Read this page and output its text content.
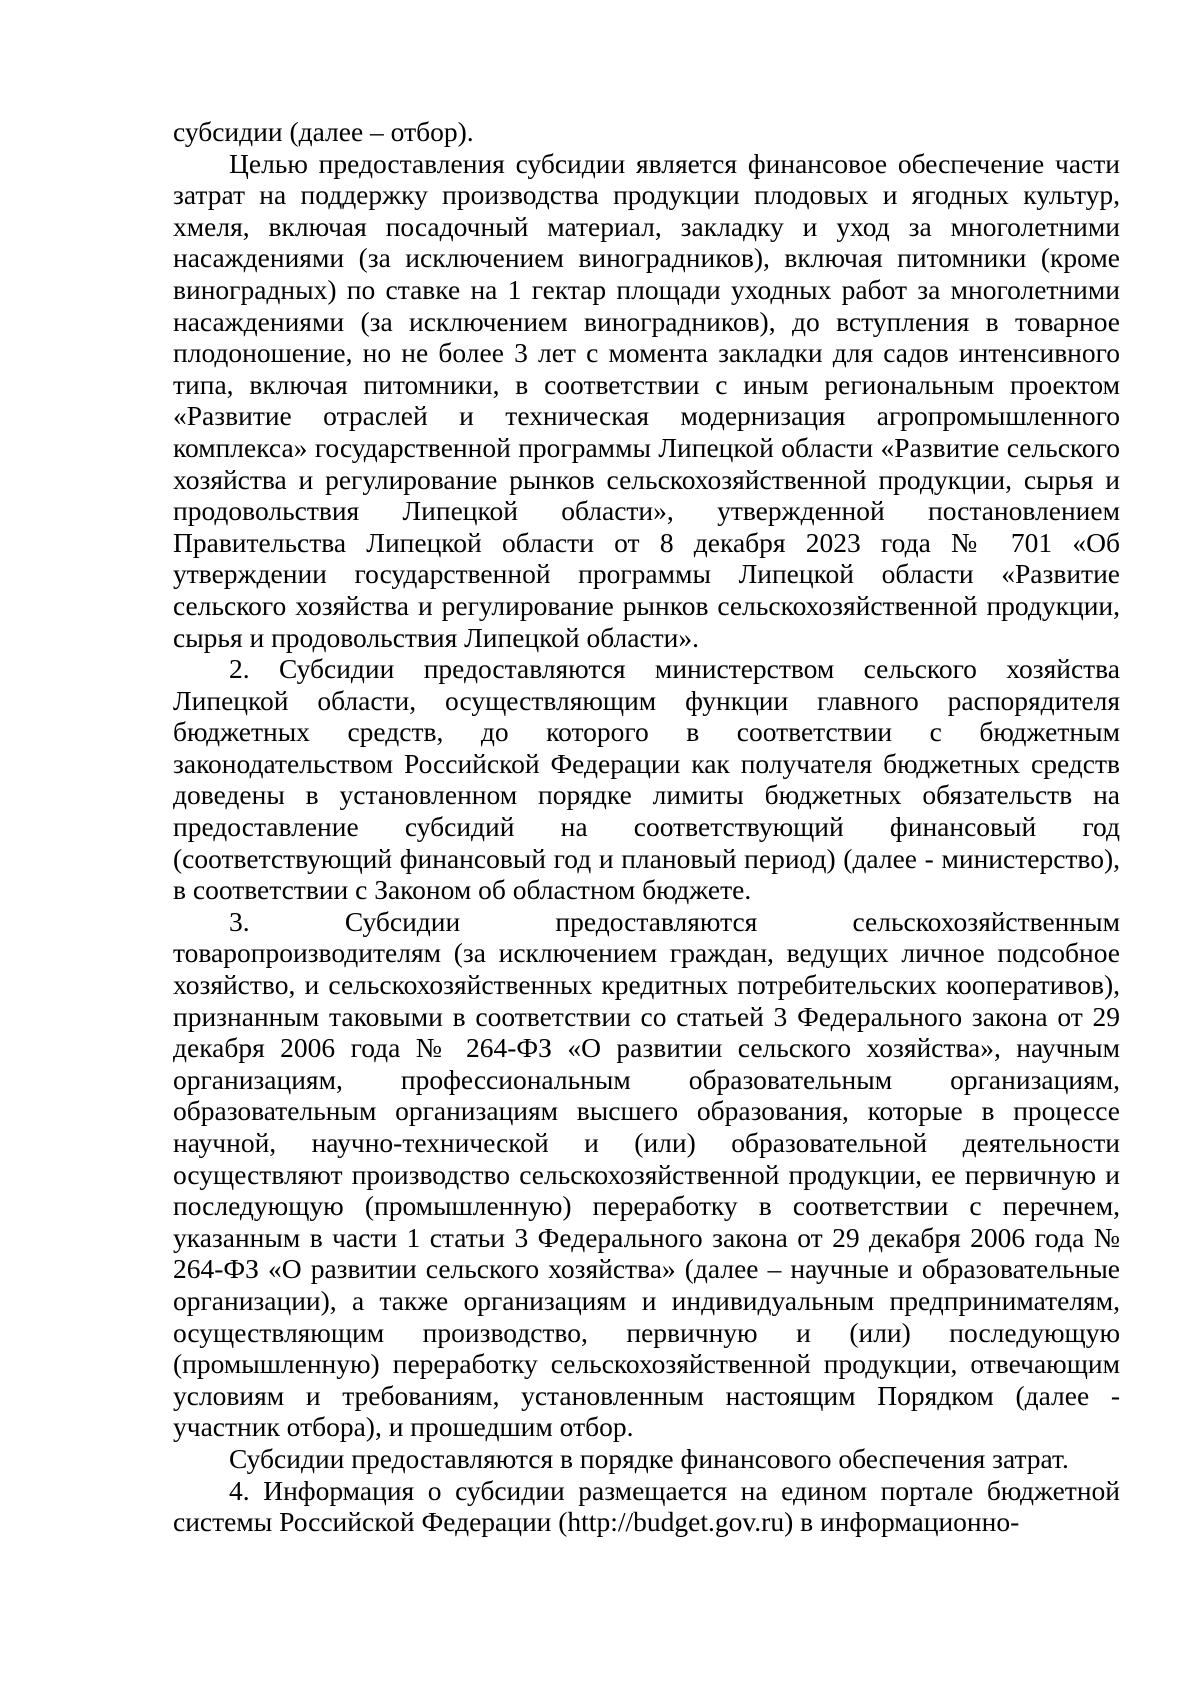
субсидии (далее – отбор).

Целью предоставления субсидии является финансовое обеспечение части затрат на поддержку производства продукции плодовых и ягодных культур, хмеля, включая посадочный материал, закладку и уход за многолетними насаждениями (за исключением виноградников), включая питомники (кроме виноградных) по ставке на 1 гектар площади уходных работ за многолетними насаждениями (за исключением виноградников), до вступления в товарное плодоношение, но не более 3 лет с момента закладки для садов интенсивного типа, включая питомники, в соответствии с иным региональным проектом «Развитие отраслей и техническая модернизация агропромышленного комплекса» государственной программы Липецкой области «Развитие сельского хозяйства и регулирование рынков сельскохозяйственной продукции, сырья и продовольствия Липецкой области», утвержденной постановлением Правительства Липецкой области от 8 декабря 2023 года № 701 «Об утверждении государственной программы Липецкой области «Развитие сельского хозяйства и регулирование рынков сельскохозяйственной продукции, сырья и продовольствия Липецкой области».

2. Субсидии предоставляются министерством сельского хозяйства Липецкой области, осуществляющим функции главного распорядителя бюджетных средств, до которого в соответствии с бюджетным законодательством Российской Федерации как получателя бюджетных средств доведены в установленном порядке лимиты бюджетных обязательств на предоставление субсидий на соответствующий финансовый год (соответствующий финансовый год и плановый период) (далее - министерство), в соответствии с Законом об областном бюджете.

3. Субсидии предоставляются сельскохозяйственным товаропроизводителям (за исключением граждан, ведущих личное подсобное хозяйство, и сельскохозяйственных кредитных потребительских кооперативов), признанным таковыми в соответствии со статьей 3 Федерального закона от 29 декабря 2006 года № 264-ФЗ «О развитии сельского хозяйства», научным организациям, профессиональным образовательным организациям, образовательным организациям высшего образования, которые в процессе научной, научно-технической и (или) образовательной деятельности осуществляют производство сельскохозяйственной продукции, ее первичную и последующую (промышленную) переработку в соответствии с перечнем, указанным в части 1 статьи 3 Федерального закона от 29 декабря 2006 года № 264-ФЗ «О развитии сельского хозяйства» (далее – научные и образовательные организации), а также организациям и индивидуальным предпринимателям, осуществляющим производство, первичную и (или) последующую (промышленную) переработку сельскохозяйственной продукции, отвечающим условиям и требованиям, установленным настоящим Порядком (далее - участник отбора), и прошедшим отбор.

Субсидии предоставляются в порядке финансового обеспечения затрат.

4. Информация о субсидии размещается на едином портале бюджетной системы Российской Федерации (http://budget.gov.ru) в информационно-
